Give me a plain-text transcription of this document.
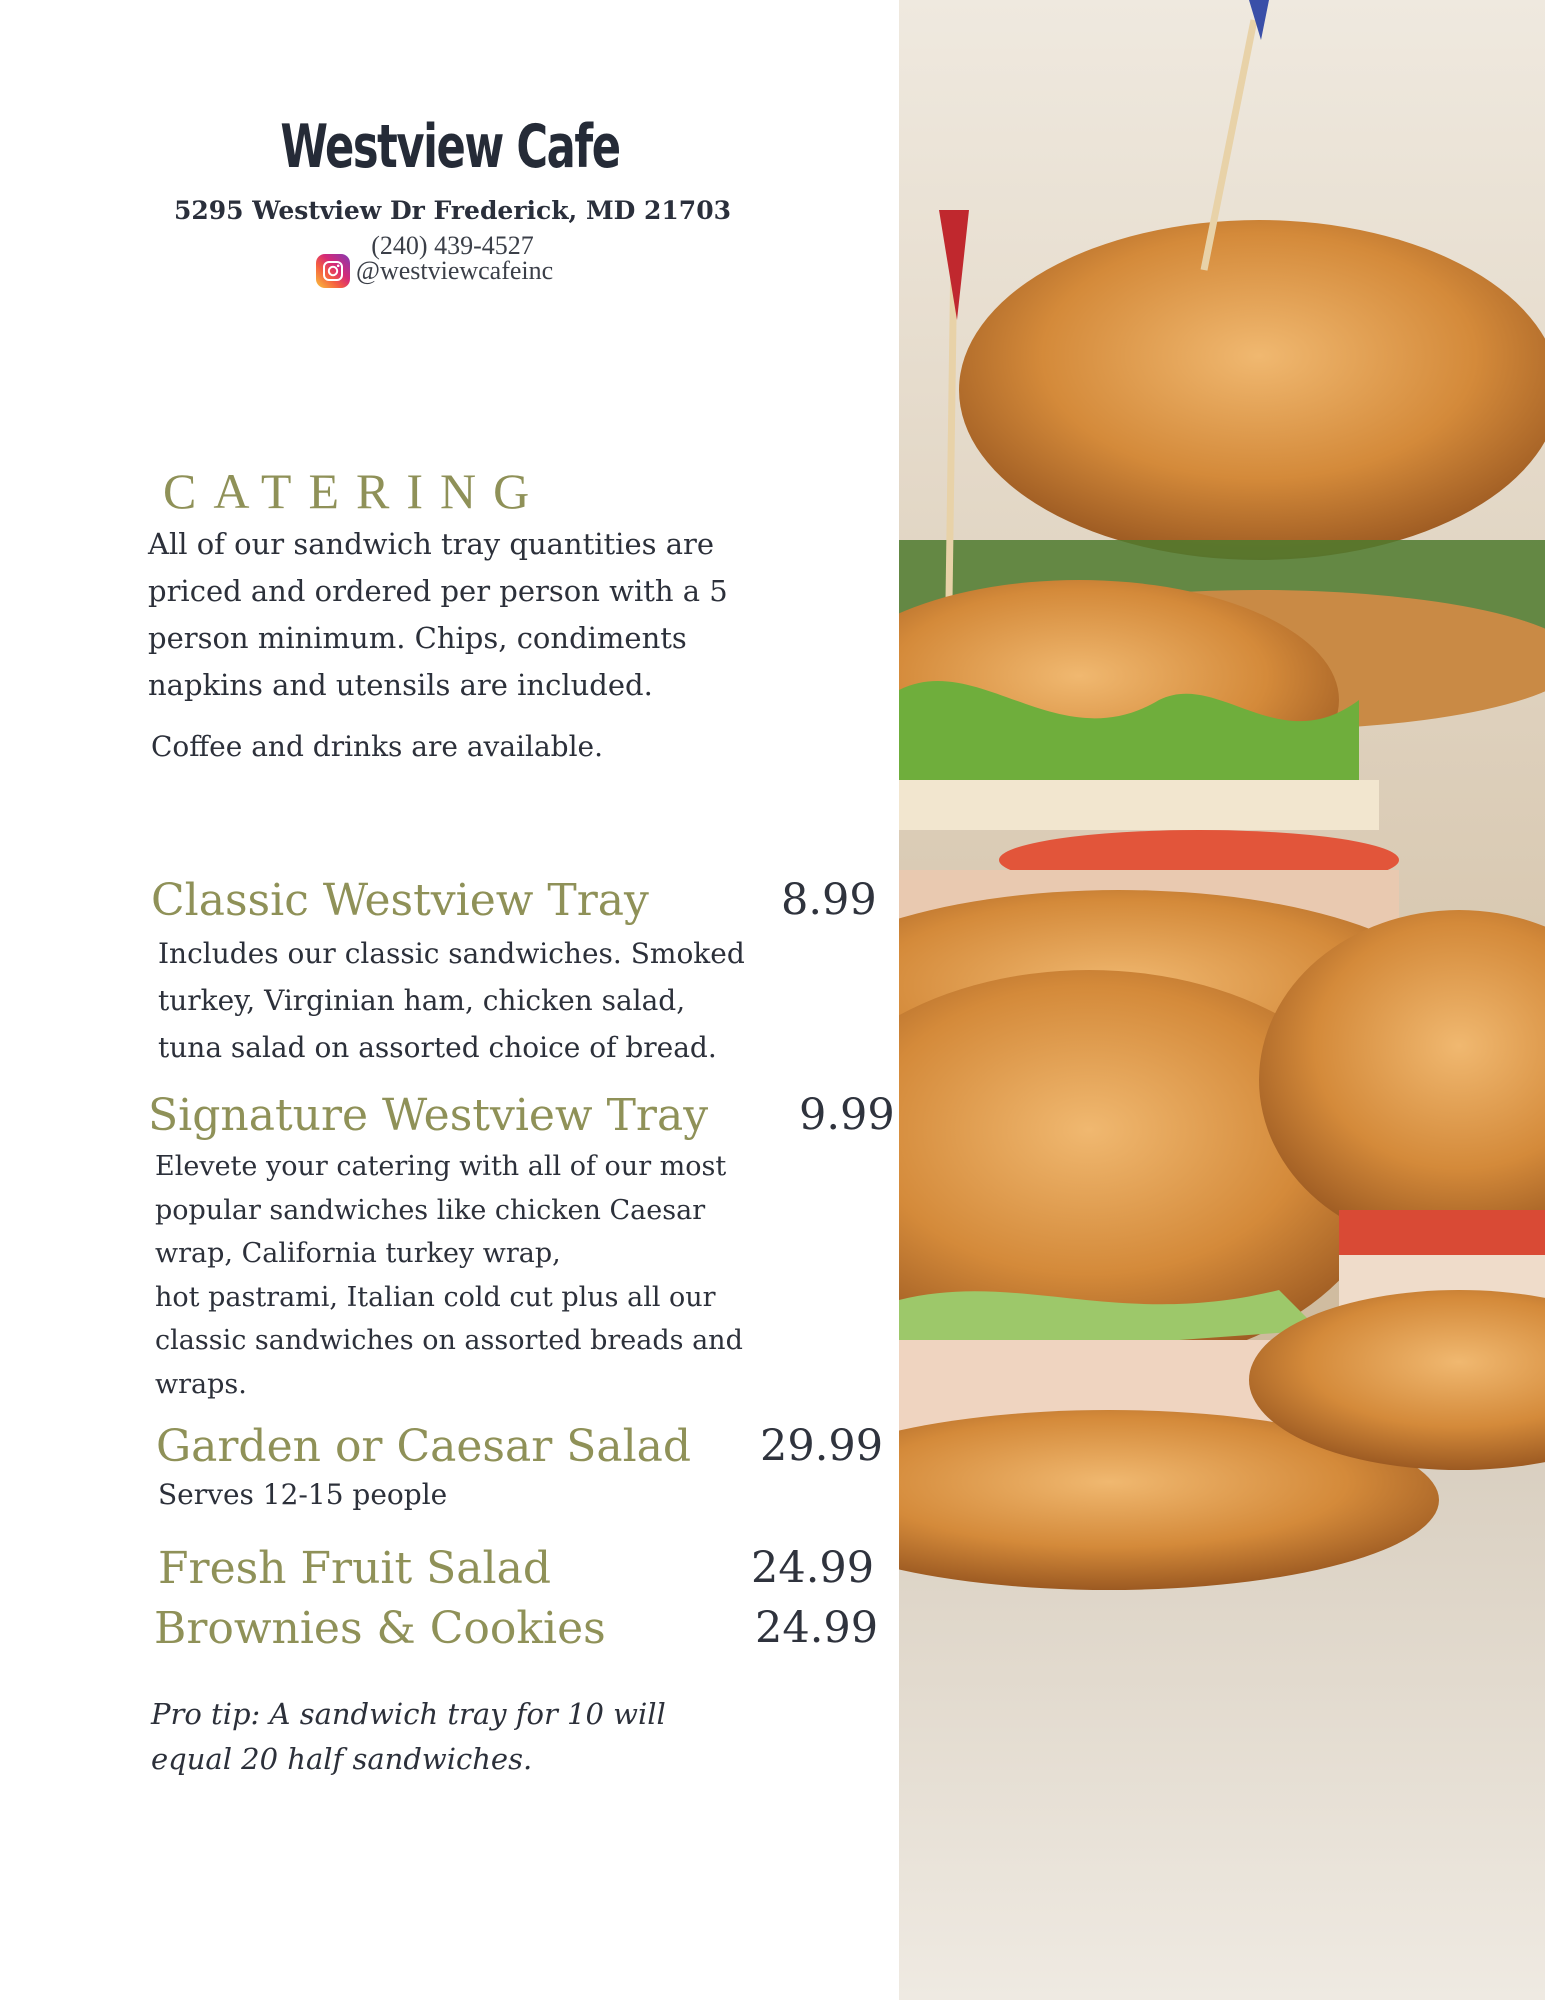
Westview Cafe
5295 Westview Dr Frederick, MD 21703
(240) 439-4527
@westviewcafeinc
CATERING
All of our sandwich tray quantities are
priced and ordered per person with a 5
person minimum. Chips, condiments
napkins and utensils are included.
Coffee and drinks are available.
Classic Westview Tray	8.99
Includes our classic sandwiches. Smoked
turkey, Virginian ham, chicken salad,
tuna salad on assorted choice of bread.
Signature Westview Tray 9.99
Elevete your catering with all of our most
popular sandwiches like chicken Caesar
wrap, California turkey wrap,
hot pastrami, Italian cold cut plus all our
classic sandwiches on assorted breads and
wraps.
Garden or Caesar Salad 29.99
Serves 12-15 people
Fresh Fruit Salad	24.99
Brownies & Cookies	24.99
Pro tip: A sandwich tray for 10 will
equal 20 half sandwiches.
